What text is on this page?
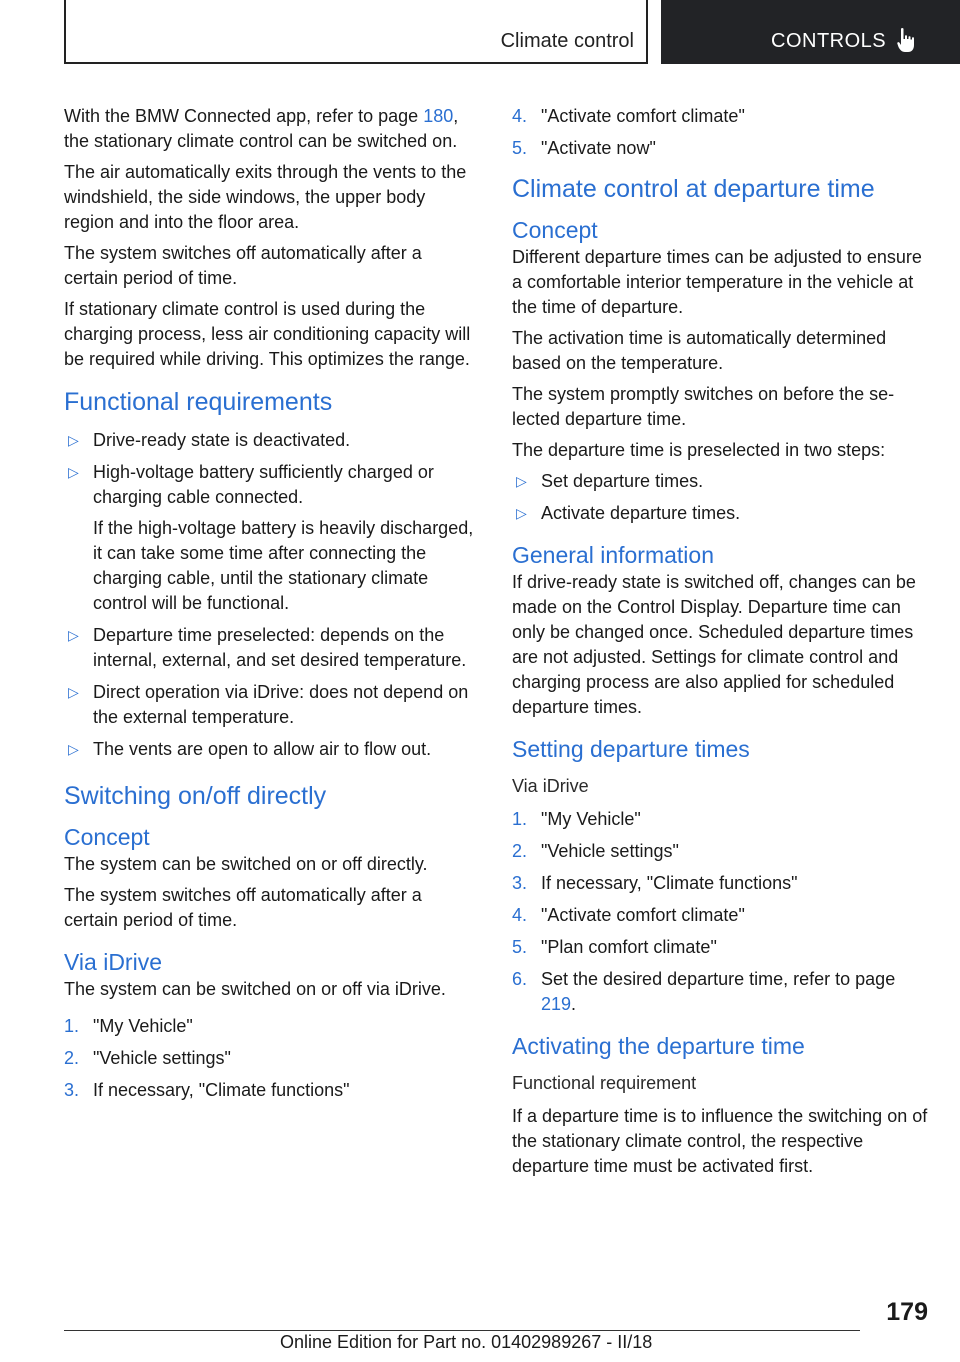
Climate control	CONTROLS

With the BMW Connected app, refer to page 180, the stationary climate control can be switched on.

The air automatically exits through the vents to the windshield, the side windows, the upper body region and into the floor area.

The system switches off automatically after a certain period of time.

If stationary climate control is used during the charging process, less air conditioning capacity will be required while driving. This optimizes the range.

Functional requirements
▷ Drive-ready state is deactivated.
▷ High-voltage battery sufficiently charged or charging cable connected.
If the high-voltage battery is heavily discharged, it can take some time after connecting the charging cable, until the stationary climate control will be functional.
▷ Departure time preselected: depends on the internal, external, and set desired temperature.
▷ Direct operation via iDrive: does not depend on the external temperature.
▷ The vents are open to allow air to flow out.
Switching on/off directly
Concept

The system can be switched on or off directly.

The system switches off automatically after a certain period of time.

Via iDrive

The system can be switched on or off via iDrive.

1. "My Vehicle"
2. "Vehicle settings"
3. If necessary, "Climate functions"
4. "Activate comfort climate"
5. "Activate now"
Climate control at departure time
Concept

Different departure times can be adjusted to ensure a comfortable interior temperature in the vehicle at the time of departure.

The activation time is automatically determined based on the temperature.

The system promptly switches on before the selected departure time.

The departure time is preselected in two steps:

▷ Set departure times.
▷ Activate departure times.
General information

If drive-ready state is switched off, changes can be made on the Control Display. Departure time can only be changed once. Scheduled departure times are not adjusted. Settings for climate control and charging process are also applied for scheduled departure times.

Setting departure times
Via iDrive
1. "My Vehicle"
2. "Vehicle settings"
3. If necessary, "Climate functions"
4. "Activate comfort climate"
5. "Plan comfort climate"
6. Set the desired departure time, refer to page 219.
Activating the departure time
Functional requirement

If a departure time is to influence the switching on of the stationary climate control, the respective departure time must be activated first.

179
Online Edition for Part no. 01402989267 - II/18
